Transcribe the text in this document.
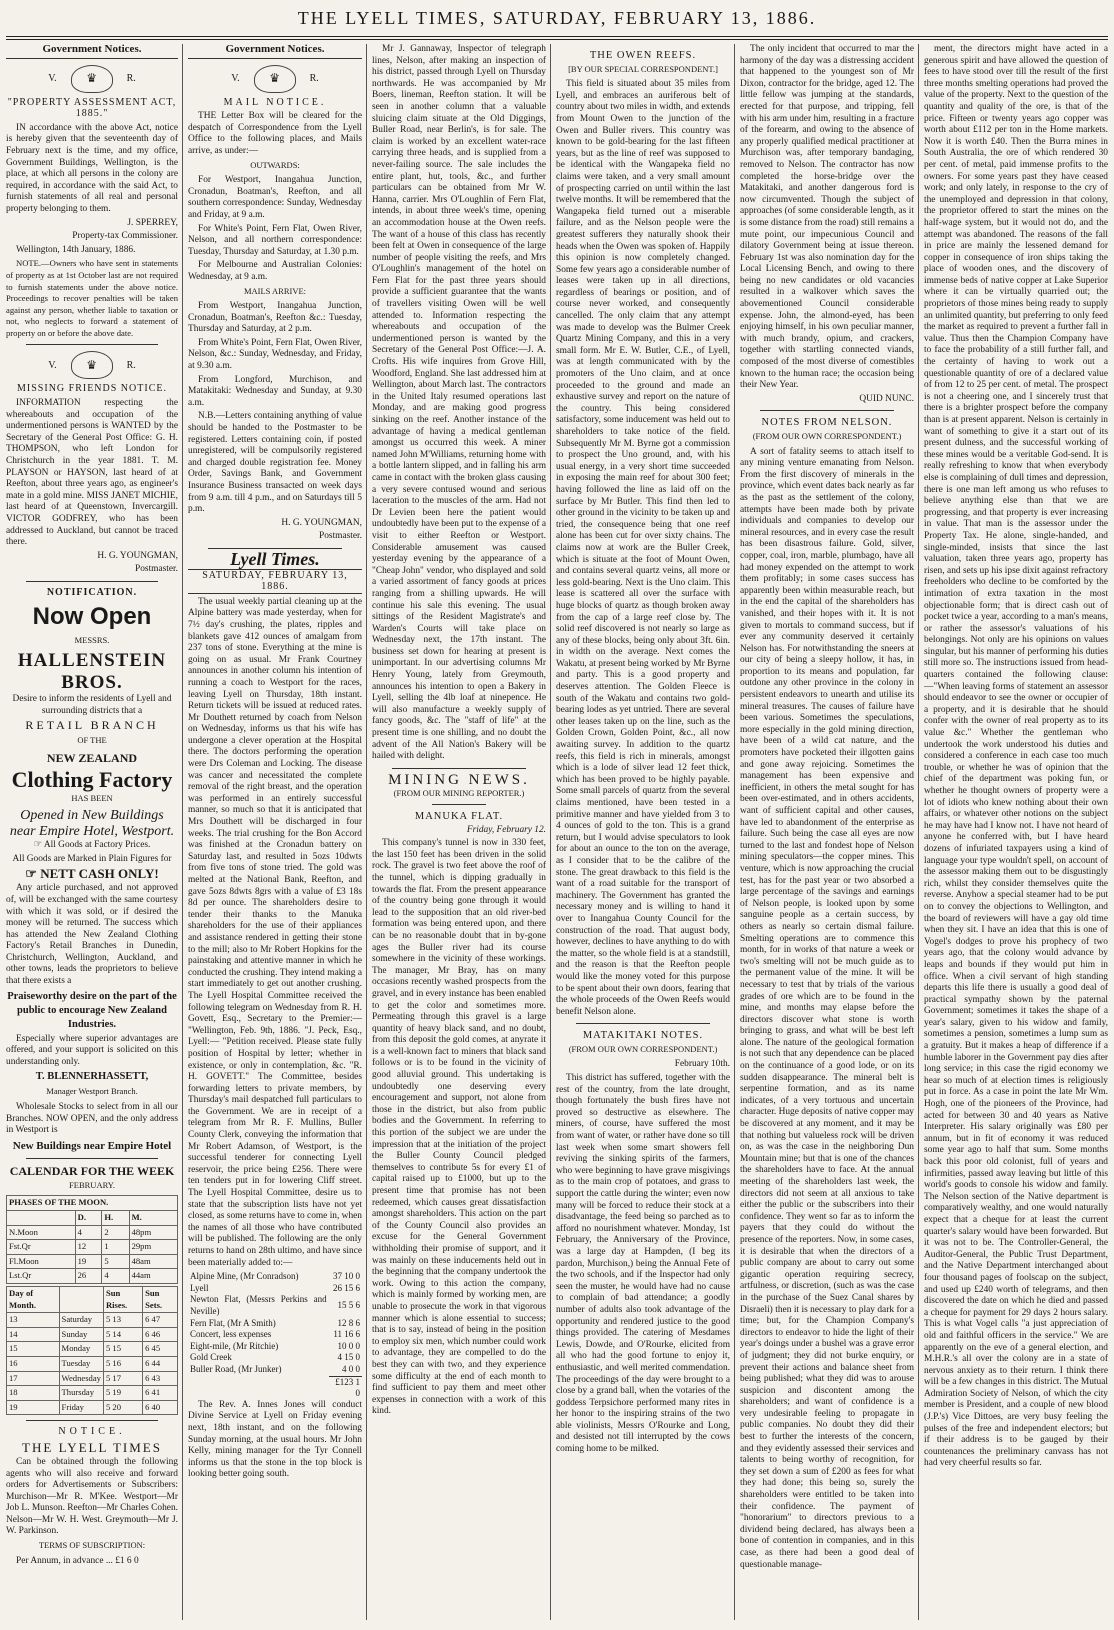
THE LYELL TIMES, SATURDAY, FEBRUARY 13, 1886.
Government Notices.
V.	♛	R.
"PROPERTY ASSESSMENT ACT, 1885."

IN accordance with the above Act, notice is hereby given that the seventeenth day of February next is the time, and my office, Government Buildings, Wellington, is the place, at which all persons in the colony are required, in accordance with the said Act, to furnish statements of all real and personal property belonging to them.

J. SPERREY,
Property-tax Commissioner.

Wellington, 14th January, 1886.

NOTE.—Owners who have sent in statements of property as at 1st October last are not required to furnish statements under the above notice. Proceedings to recover penalties will be taken against any person, whether liable to taxation or not, who neglects to forward a statement of property on or before the above date.

V.	♛	R.
MISSING FRIENDS NOTICE.

INFORMATION respecting the whereabouts and occupation of the undermentioned persons is WANTED by the Secretary of the General Post Office: G. H. THOMPSON, who left London for Christchurch in the year 1881. T. M. PLAYSON or HAYSON, last heard of at Reefton, about three years ago, as engineer's mate in a gold mine. MISS JANET MICHIE, last heard of at Queenstown, Invercargill. VICTOR GODFREY, who has been addressed to Auckland, but cannot be traced there.

H. G. YOUNGMAN,
Postmaster.
NOTIFICATION.
Now Open
MESSRS.
HALLENSTEIN BROS.

Desire to inform the residents of Lyell and surrounding districts that a

RETAIL BRANCH
OF THE
NEW ZEALAND
Clothing Factory
HAS BEEN
Opened in New Buildings near Empire Hotel, Westport.

☞ All Goods at Factory Prices.

All Goods are Marked in Plain Figures for

☞ NETT CASH ONLY!

Any article purchased, and not approved of, will be exchanged with the same courtesy with which it was sold, or if desired the money will be returned. The success which has attended the New Zealand Clothing Factory's Retail Branches in Dunedin, Christchurch, Wellington, Auckland, and other towns, leads the proprietors to believe that there exists a

Praiseworthy desire on the part of the public to encourage New Zealand Industries.

Especially where superior advantages are offered, and your support is solicited on this understanding only.

T. BLENNERHASSETT,
Manager Westport Branch.

Wholesale Stocks to select from in all our Branches. NOW OPEN, and the only address in Westport is

New Buildings near Empire Hotel
CALENDAR FOR THE WEEK
FEBRUARY.
PHASES OF THE MOON.			
	D.	H.	M.
N.Moon	4	2	48pm
Fst.Qr	12	1	29pm
Fl.Moon	19	5	48am
Lst.Qr	26	4	44am
Day of Month.		Sun Rises.	Sun Sets.
13	Saturday	5 13	6 47
14	Sunday	5 14	6 46
15	Monday	5 15	6 45
16	Tuesday	5 16	6 44
17	Wednesday	5 17	6 43
18	Thursday	5 19	6 41
19	Friday	5 20	6 40
NOTICE.
THE LYELL TIMES

Can be obtained through the following agents who will also receive and forward orders for Advertisements or Subscribers: Murchison—Mr R. M'Kee. Westport—Mr Job L. Munson. Reefton—Mr Charles Cohen. Nelson—Mr W. H. West. Greymouth—Mr J. W. Parkinson.

TERMS OF SUBSCRIPTION:

Per Annum, in advance ... £1 6 0

Government Notices.
V.	♛	R.
MAIL NOTICE.

THE Letter Box will be cleared for the despatch of Correspondence from the Lyell Office to the following places, and Mails arrive, as under:—

OUTWARDS:

For Westport, Inangahua Junction, Cronadun, Boatman's, Reefton, and all southern correspondence: Sunday, Wednesday and Friday, at 9 a.m.

For White's Point, Fern Flat, Owen River, Nelson, and all northern correspondence: Tuesday, Thursday and Saturday, at 1.30 p.m.

For Melbourne and Australian Colonies: Wednesday, at 9 a.m.

MAILS ARRIVE:

From Westport, Inangahua Junction, Cronadun, Boatman's, Reefton &c.: Tuesday, Thursday and Saturday, at 2 p.m.

From White's Point, Fern Flat, Owen River, Nelson, &c.: Sunday, Wednesday, and Friday, at 9.30 a.m.

From Longford, Murchison, and Matakitaki: Wednesday and Sunday, at 9.30 a.m.

N.B.—Letters containing anything of value should be handed to the Postmaster to be registered. Letters containing coin, if posted unregistered, will be compulsorily registered and charged double registration fee. Money Order, Savings Bank, and Government Insurance Business transacted on week days from 9 a.m. till 4 p.m., and on Saturdays till 5 p.m.

H. G. YOUNGMAN,
Postmaster.
Lyell Times.
SATURDAY, FEBRUARY 13, 1886.

The usual weekly partial cleaning up at the Alpine battery was made yesterday, when for 7½ day's crushing, the plates, ripples and blankets gave 412 ounces of amalgam from 237 tons of stone. Everything at the mine is going on as usual. Mr Frank Courtney announces in another column his intention of running a coach to Westport for the races, leaving Lyell on Thursday, 18th instant. Return tickets will be issued at reduced rates. Mr Douthett returned by coach from Nelson on Wednesday, informs us that his wife has undergone a clever operation at the Hospital there. The doctors performing the operation were Drs Coleman and Locking. The disease was cancer and necessitated the complete removal of the right breast, and the operation was performed in an entirely successful manner, so much so that it is anticipated that Mrs Douthett will be discharged in four weeks. The trial crushing for the Bon Accord was finished at the Cronadun battery on Saturday last, and resulted in 5ozs 10dwts from five tons of stone tried. The gold was melted at the National Bank, Reefton, and gave 5ozs 8dwts 8grs with a value of £3 18s 8d per ounce. The shareholders desire to tender their thanks to the Manuka shareholders for the use of their appliances and assistance rendered in getting their stone to the mill; also to Mr Robert Hopkins for the painstaking and attentive manner in which he conducted the crushing. They intend making a start immediately to get out another crushing. The Lyell Hospital Committee received the following telegram on Wednesday from R. H. Govett, Esq., Secretary to the Premier:— "Wellington, Feb. 9th, 1886. "J. Peck, Esq., Lyell:— "Petition received. Please state fully position of Hospital by letter; whether in existence, or only in contemplation, &c. "R. H. GOVETT." The Committee, besides forwarding letters to private members, by Thursday's mail despatched full particulars to the Government. We are in receipt of a telegram from Mr R. F. Mullins, Buller County Clerk, conveying the information that Mr Robert Adamson, of Westport, is the successful tenderer for connecting Lyell reservoir, the price being £256. There were ten tenders put in for lowering Cliff street. The Lyell Hospital Committee, desire us to state that the subscription lists have not yet closed, as some returns have to come in, when the names of all those who have contributed will be published. The following are the only returns to hand on 28th ultimo, and have since been materially added to:—

Alpine Mine, (Mr Conradson)	37 10 0
Lyell	26 15 6
Newton Flat, (Messrs Perkins and Neville)	15 5 6
Fern Flat, (Mr A Smith)	12 8 6
Concert, less expenses	11 16 6
Eight-mile, (Mr Ritchie)	10 0 0
Gold Creek	4 15 0
Buller Road, (Mr Junker)	4 0 0
	£123 1 0

The Rev. A. Innes Jones will conduct Divine Service at Lyell on Friday evening next, 18th instant, and on the following Sunday morning, at the usual hours. Mr John Kelly, mining manager for the Tyr Connell informs us that the stone in the top block is looking better going south.

Mr J. Gannaway, Inspector of telegraph lines, Nelson, after making an inspection of his district, passed through Lyell on Thursday northwards. He was accompanied by Mr Boers, lineman, Reefton station. It will be seen in another column that a valuable sluicing claim situate at the Old Diggings, Buller Road, near Berlin's, is for sale. The claim is worked by an excellent water-race carrying three heads, and is supplied from a never-failing source. The sale includes the entire plant, hut, tools, &c., and further particulars can be obtained from Mr W. Hanna, carrier. Mrs O'Loughlin of Fern Flat, intends, in about three week's time, opening an accommodation house at the Owen reefs. The want of a house of this class has recently been felt at Owen in consequence of the large number of people visiting the reefs, and Mrs O'Loughlin's management of the hotel on Fern Flat for the past three years should provide a sufficient guarantee that the wants of travellers visiting Owen will be well attended to. Information respecting the whereabouts and occupation of the undermentioned person is wanted by the Secretary of the General Post Office:—J. A. Crofts. His wife inquires from Grove Hill, Woodford, England. She last addressed him at Wellington, about March last. The contractors in the United Italy resumed operations last Monday, and are making good progress sinking on the reef. Another instance of the advantage of having a medical gentleman amongst us occurred this week. A miner named John M'Williams, returning home with a bottle lantern slipped, and in falling his arm came in contact with the broken glass causing a very severe contused wound and serious laceration to the muscles of the arm. Had not Dr Levien been here the patient would undoubtedly have been put to the expense of a visit to either Reefton or Westport. Considerable amusement was caused yesterday evening by the appearance of a "Cheap John" vendor, who displayed and sold a varied assortment of fancy goods at prices ranging from a shilling upwards. He will continue his sale this evening. The usual sittings of the Resident Magistrate's and Warden's Courts will take place on Wednesday next, the 17th instant. The business set down for hearing at present is unimportant. In our advertising columns Mr Henry Young, lately from Greymouth, announces his intention to open a Bakery in Lyell, selling the 4lb loaf at ninepence. He will also manufacture a weekly supply of fancy goods, &c. The "staff of life" at the present time is one shilling, and no doubt the advent of the All Nation's Bakery will be hailed with delight.

MINING NEWS.
(FROM OUR MINING REPORTER.)
MANUKA FLAT.
Friday, February 12.

This company's tunnel is now in 330 feet, the last 150 feet has been driven in the solid rock. The gravel is two feet above the roof of the tunnel, which is dipping gradually in towards the flat. From the present appearance of the country being gone through it would lead to the supposition that an old river-bed formation was being entered upon, and there can be no reasonable doubt that in by-gone ages the Buller river had its course somewhere in the vicinity of these workings. The manager, Mr Bray, has on many occasions recently washed prospects from the gravel, and in every instance has been enabled to get the color and sometimes more. Permeating through this gravel is a large quantity of heavy black sand, and no doubt, from this deposit the gold comes, at anyrate it is a well-known fact to miners that black sand follows or is to be found in the vicinity of good alluvial ground. This undertaking is undoubtedly one deserving every encouragement and support, not alone from those in the district, but also from public bodies and the Government. In referring to this portion of the subject we are under the impression that at the initiation of the project the Buller County Council pledged themselves to contribute 5s for every £1 of capital raised up to £1000, but up to the present time that promise has not been redeemed, which causes great dissatisfaction amongst shareholders. This action on the part of the County Council also provides an excuse for the General Government withholding their promise of support, and it was mainly on these inducements held out in the beginning that the company undertook the work. Owing to this action the company, which is mainly formed by working men, are unable to prosecute the work in that vigorous manner which is alone essential to success; that is to say, instead of being in the position to employ six men, which number could work to advantage, they are compelled to do the best they can with two, and they experience some difficulty at the end of each month to find sufficient to pay them and meet other expenses in connection with a work of this kind.

THE OWEN REEFS.
[BY OUR SPECIAL CORRESPONDENT.]

This field is situated about 35 miles from Lyell, and embraces an auriferous belt of country about two miles in width, and extends from Mount Owen to the junction of the Owen and Buller rivers. This country was known to be gold-bearing for the last fifteen years, but as the line of reef was supposed to be identical with the Wangapeka field no claims were taken, and a very small amount of prospecting carried on until within the last twelve months. It will be remembered that the Wangapeka field turned out a miserable failure, and as the Nelson people were the greatest sufferers they naturally shook their heads when the Owen was spoken of. Happily this opinion is now completely changed. Some few years ago a considerable number of leases were taken up in all directions, regardless of bearings or position, and of course never worked, and consequently cancelled. The only claim that any attempt was made to develop was the Bulmer Creek Quartz Mining Company, and this in a very small form. Mr E. W. Butler, C.E., of Lyell, was at length communicated with by the promoters of the Uno claim, and at once proceeded to the ground and made an exhaustive survey and report on the nature of the country. This being considered satisfactory, some inducement was held out to shareholders to take notice of the field. Subsequently Mr M. Byrne got a commission to prospect the Uno ground, and, with his usual energy, in a very short time succeeded in exposing the main reef for about 300 feet; having followed the line as laid off on the surface by Mr Butler. This find then led to other ground in the vicinity to be taken up and tried, the consequence being that one reef alone has been cut for over sixty chains. The claims now at work are the Buller Creek, which is situate at the foot of Mount Owen, and contains several quartz veins, all more or less gold-bearing. Next is the Uno claim. This lease is scattered all over the surface with huge blocks of quartz as though broken away from the cap of a large reef close by. The solid reef discovered is not nearly so large as any of these blocks, being only about 3ft. 6in. in width on the average. Next comes the Wakatu, at present being worked by Mr Byrne and party. This is a good property and deserves attention. The Golden Fleece is south of the Wakatu and contains two gold-bearing lodes as yet untried. There are several other leases taken up on the line, such as the Golden Crown, Golden Point, &c., all now awaiting survey. In addition to the quartz reefs, this field is rich in minerals, amongst which is a lode of silver lead 12 feet thick, which has been proved to be highly payable. Some small parcels of quartz from the several claims mentioned, have been tested in a primitive manner and have yielded from 3 to 4 ounces of gold to the ton. This is a grand return, but I would advise speculators to look for about an ounce to the ton on the average, as I consider that to be the calibre of the stone. The great drawback to this field is the want of a road suitable for the transport of machinery. The Government has granted the necessary money and is willing to hand it over to Inangahua County Council for the construction of the road. That august body, however, declines to have anything to do with the matter, so the whole field is at a standstill, and the reason is that the Reefton people would like the money voted for this purpose to be spent about their own doors, fearing that the whole proceeds of the Owen Reefs would benefit Nelson alone.

MATAKITAKI NOTES.
(FROM OUR OWN CORRESPONDENT.)
February 10th.

This district has suffered, together with the rest of the country, from the late drought, though fortunately the bush fires have not proved so destructive as elsewhere. The miners, of course, have suffered the most from want of water, or rather have done so till last week when some smart showers fell reviving the sinking spirits of the farmers, who were beginning to have grave misgivings as to the main crop of potatoes, and grass to support the cattle during the winter; even now many will be forced to reduce their stock at a disadvantage, the feed being so parched as to afford no nourishment whatever. Monday, 1st February, the Anniversary of the Province, was a large day at Hampden, (I beg its pardon, Murchison,) being the Annual Fete of the two schools, and if the Inspector had only seen the muster, he would have had no cause to complain of bad attendance; a goodly number of adults also took advantage of the opportunity and rendered justice to the good things provided. The catering of Mesdames Lewis, Dowde, and O'Rourke, elicited from all who had the good fortune to enjoy it, enthusiastic, and well merited commendation. The proceedings of the day were brought to a close by a grand ball, when the votaries of the goddess Terpsichore performed many rites in her honor to the inspiring strains of the two able violinists, Messrs O'Rourke and Long, and desisted not till interrupted by the cows coming home to be milked.

The only incident that occurred to mar the harmony of the day was a distressing accident that happened to the youngest son of Mr Dixon, contractor for the bridge, aged 12. The little fellow was jumping at the standards, erected for that purpose, and tripping, fell with his arm under him, resulting in a fracture of the forearm, and owing to the absence of any properly qualified medical practitioner at Murchison was, after temporary bandaging, removed to Nelson. The contractor has now completed the horse-bridge over the Matakitaki, and another dangerous ford is now circumvented. Though the subject of approaches (of some considerable length, as it is some distance from the road) still remains a mute point, our impecunious Council and dilatory Government being at issue thereon. February 1st was also nomination day for the Local Licensing Bench, and owing to there being no new candidates or old vacancies resulted in a walkover which saves the abovementioned Council considerable expense. John, the almond-eyed, has been enjoying himself, in his own peculiar manner, with much brandy, opium, and crackers, together with startling connected viands, composed of the most diverse of comestibles known to the human race; the occasion being their New Year.

QUID NUNC.
NOTES FROM NELSON.
(FROM OUR OWN CORRESPONDENT.)

A sort of fatality seems to attach itself to any mining venture emanating from Nelson. From the first discovery of minerals in the province, which event dates back nearly as far as the past as the settlement of the colony, attempts have been made both by private individuals and companies to develop our mineral resources, and in every case the result has been disastrous failure. Gold, silver, copper, coal, iron, marble, plumbago, have all had money expended on the attempt to work them profitably; in some cases success has apparently been within measurable reach, but in the end the capital of the shareholders has vanished, and their hopes with it. It is not given to mortals to command success, but if ever any community deserved it certainly Nelson has. For notwithstanding the sneers at our city of being a sleepy hollow, it has, in proportion to its means and population, far outdone any other province in the colony in persistent endeavors to unearth and utilise its mineral treasures. The causes of failure have been various. Sometimes the speculations, more especially in the gold mining direction, have been of a wild cat nature, and the promoters have pocketed their illgotten gains and gone away rejoicing. Sometimes the management has been expensive and inefficient, in others the metal sought for has been over-estimated, and in others accidents, want of sufficient capital and other causes, have led to abandonment of the enterprise as failure. Such being the case all eyes are now turned to the last and fondest hope of Nelson mining speculators—the copper mines. This venture, which is now approaching the crucial test, has for the past year or two absorbed a large percentage of the savings and earnings of Nelson people, is looked upon by some sanguine people as a certain success, by others as nearly so certain dismal failure. Smelting operations are to commence this month, for in works of that nature a week or two's smelting will not be much guide as to the permanent value of the mine. It will be necessary to test that by trials of the various grades of ore which are to be found in the mine, and months may elapse before the directors discover what stone is worth bringing to grass, and what will be best left alone. The nature of the geological formation is not such that any dependence can be placed on the continuance of a good lode, or on its sudden disappearance. The mineral belt is serpentine formation, and as its name indicates, of a very tortuous and uncertain character. Huge deposits of native copper may be discovered at any moment, and it may be that nothing but valueless rock will be driven on, as was the case in the neighboring Dun Mountain mine; but that is one of the chances the shareholders have to face. At the annual meeting of the shareholders last week, the directors did not seem at all anxious to take either the public or the subscribers into their confidence. They went so far as to inform the payers that they could do without the presence of the reporters. Now, in some cases, it is desirable that when the directors of a public company are about to carry out some gigantic operation requiring secrecy, artfulness, or discretion, (such as was the case in the purchase of the Suez Canal shares by Disraeli) then it is necessary to play dark for a time; but, for the Champion Company's directors to endeavor to hide the light of their year's doings under a bushel was a grave error of judgment; they did not burke enquiry, or prevent their actions and balance sheet from being published; what they did was to arouse suspicion and discontent among the shareholders; and want of confidence is a very undesirable feeling to propagate in public companies. No doubt they did their best to further the interests of the concern, and they evidently assessed their services and talents to being worthy of recognition, for they set down a sum of £200 as fees for what they had done; this being so, surely the shareholders were entitled to be taken into their confidence. The payment of "honorarium" to directors previous to a dividend being declared, has always been a bone of contention in companies, and in this case, as there had been a good deal of questionable manage-

ment, the directors might have acted in a generous spirit and have allowed the question of fees to have stood over till the result of the first three months smelting operations had proved the value of the property. Next to the question of the quantity and quality of the ore, is that of the price. Fifteen or twenty years ago copper was worth about £112 per ton in the Home markets. Now it is worth £40. Then the Burra mines in South Australia, the ore of which rendered 30 per cent. of metal, paid immense profits to the owners. For some years past they have ceased work; and only lately, in response to the cry of the unemployed and depression in that colony, the proprietor offered to start the mines on the half-wage system, but it would not do, and the attempt was abandoned. The reasons of the fall in price are mainly the lessened demand for copper in consequence of iron ships taking the place of wooden ones, and the discovery of immense beds of native copper at Lake Superior where it can be virtually quarried out; the proprietors of those mines being ready to supply an unlimited quantity, but preferring to only feed the market as required to prevent a further fall in value. Thus then the Champion Company have to face the probability of a still further fall, and the certainty of having to work out a questionable quantity of ore of a declared value of from 12 to 25 per cent. of metal. The prospect is not a cheering one, and I sincerely trust that there is a brighter prospect before the company than is at present apparent. Nelson is certainly in want of something to give it a start out of its present dulness, and the successful working of these mines would be a veritable God-send. It is really refreshing to know that when everybody else is complaining of dull times and depression, there is one man left among us who refuses to believe anything else than that we are progressing, and that property is ever increasing in value. That man is the assessor under the Property Tax. He alone, single-handed, and single-minded, insists that since the last valuation, taken three years ago, property has risen, and sets up his ipse dixit against refractory freeholders who decline to be comforted by the intimation of extra taxation in the most objectionable form; that is direct cash out of pocket twice a year, according to a man's means, or rather the assessor's valuations of his belongings. Not only are his opinions on values singular, but his manner of performing his duties still more so. The instructions issued from head-quarters contained the following clause:—"When leaving forms of statement an assessor should endeavor to see the owner or occupier of a property, and it is desirable that he should confer with the owner of real property as to its value &c." Whether the gentleman who undertook the work understood his duties and considered a conference in each case too much trouble, or whether he was of opinion that the chief of the department was poking fun, or whether he thought owners of property were a lot of idiots who knew nothing about their own affairs, or whatever other notions on the subject he may have had I know not. I have not heard of anyone he conferred with, but I have heard dozens of infuriated taxpayers using a kind of language your type wouldn't spell, on account of the assessor making them out to be disgustingly rich, whilst they consider themselves quite the reverse. Anyhow a special steamer had to be put on to convey the objections to Wellington, and the board of reviewers will have a gay old time when they sit. I have an idea that this is one of Vogel's dodges to prove his prophecy of two years ago, that the colony would advance by leaps and bounds if they would put him in office. When a civil servant of high standing departs this life there is usually a good deal of practical sympathy shown by the paternal Government; sometimes it takes the shape of a year's salary, given to his widow and family, sometimes a pension, sometimes a lump sum as a gratuity. But it makes a heap of difference if a humble laborer in the Government pay dies after long service; in this case the rigid economy we hear so much of at election times is religiously put in force. As a case in point the late Mr Wm. Hogh, one of the pioneers of the Province, had acted for between 30 and 40 years as Native Interpreter. His salary originally was £80 per annum, but in fit of economy it was reduced some year ago to half that sum. Some months back this poor old colonist, full of years and infirmities, passed away leaving but little of this world's goods to console his widow and family. The Nelson section of the Native department is comparatively wealthy, and one would naturally expect that a cheque for at least the current quarter's salary would have been forwarded. But it was not to be. The Controller-General, the Auditor-General, the Public Trust Department, and the Native Department interchanged about four thousand pages of foolscap on the subject, and used up £240 worth of telegrams, and then discovered the date on which he died and passed a cheque for payment for 29 days 2 hours salary. This is what Vogel calls "a just appreciation of old and faithful officers in the service." We are apparently on the eve of a general election, and M.H.R.'s all over the colony are in a state of nervous anxiety as to their return. I think there will be a few changes in this district. The Mutual Admiration Society of Nelson, of which the city member is President, and a couple of new blood (J.P.'s) Vice Dittoes, are very busy feeling the pulses of the free and independent electors; but if their address is to be gauged by their countenances the preliminary canvass has not had very cheerful results so far.
